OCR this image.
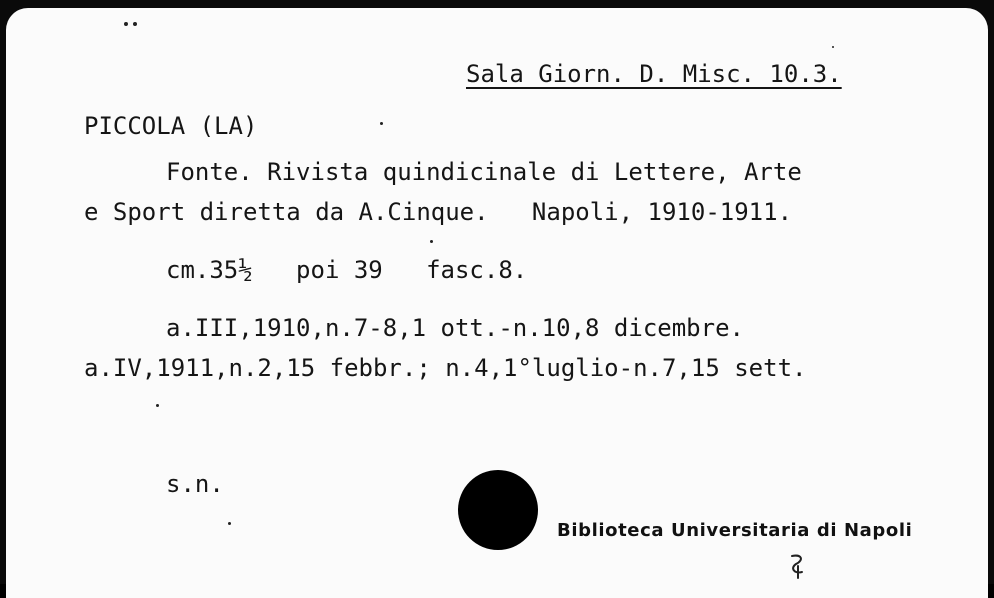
Sala Giorn. D. Misc. 10.3.
PICCOLA (LA)
Fonte. Rivista quindicinale di Lettere, Arte
e Sport diretta da A.Cinque.   Napoli, 1910-1911.
cm.35½   poi 39   fasc.8.
a.III,1910,n.7-8,1 ott.-n.10,8 dicembre.
a.IV,1911,n.2,15 febbr.; n.4,1°luglio-n.7,15 sett.
s.n.
Biblioteca Universitaria di Napoli
